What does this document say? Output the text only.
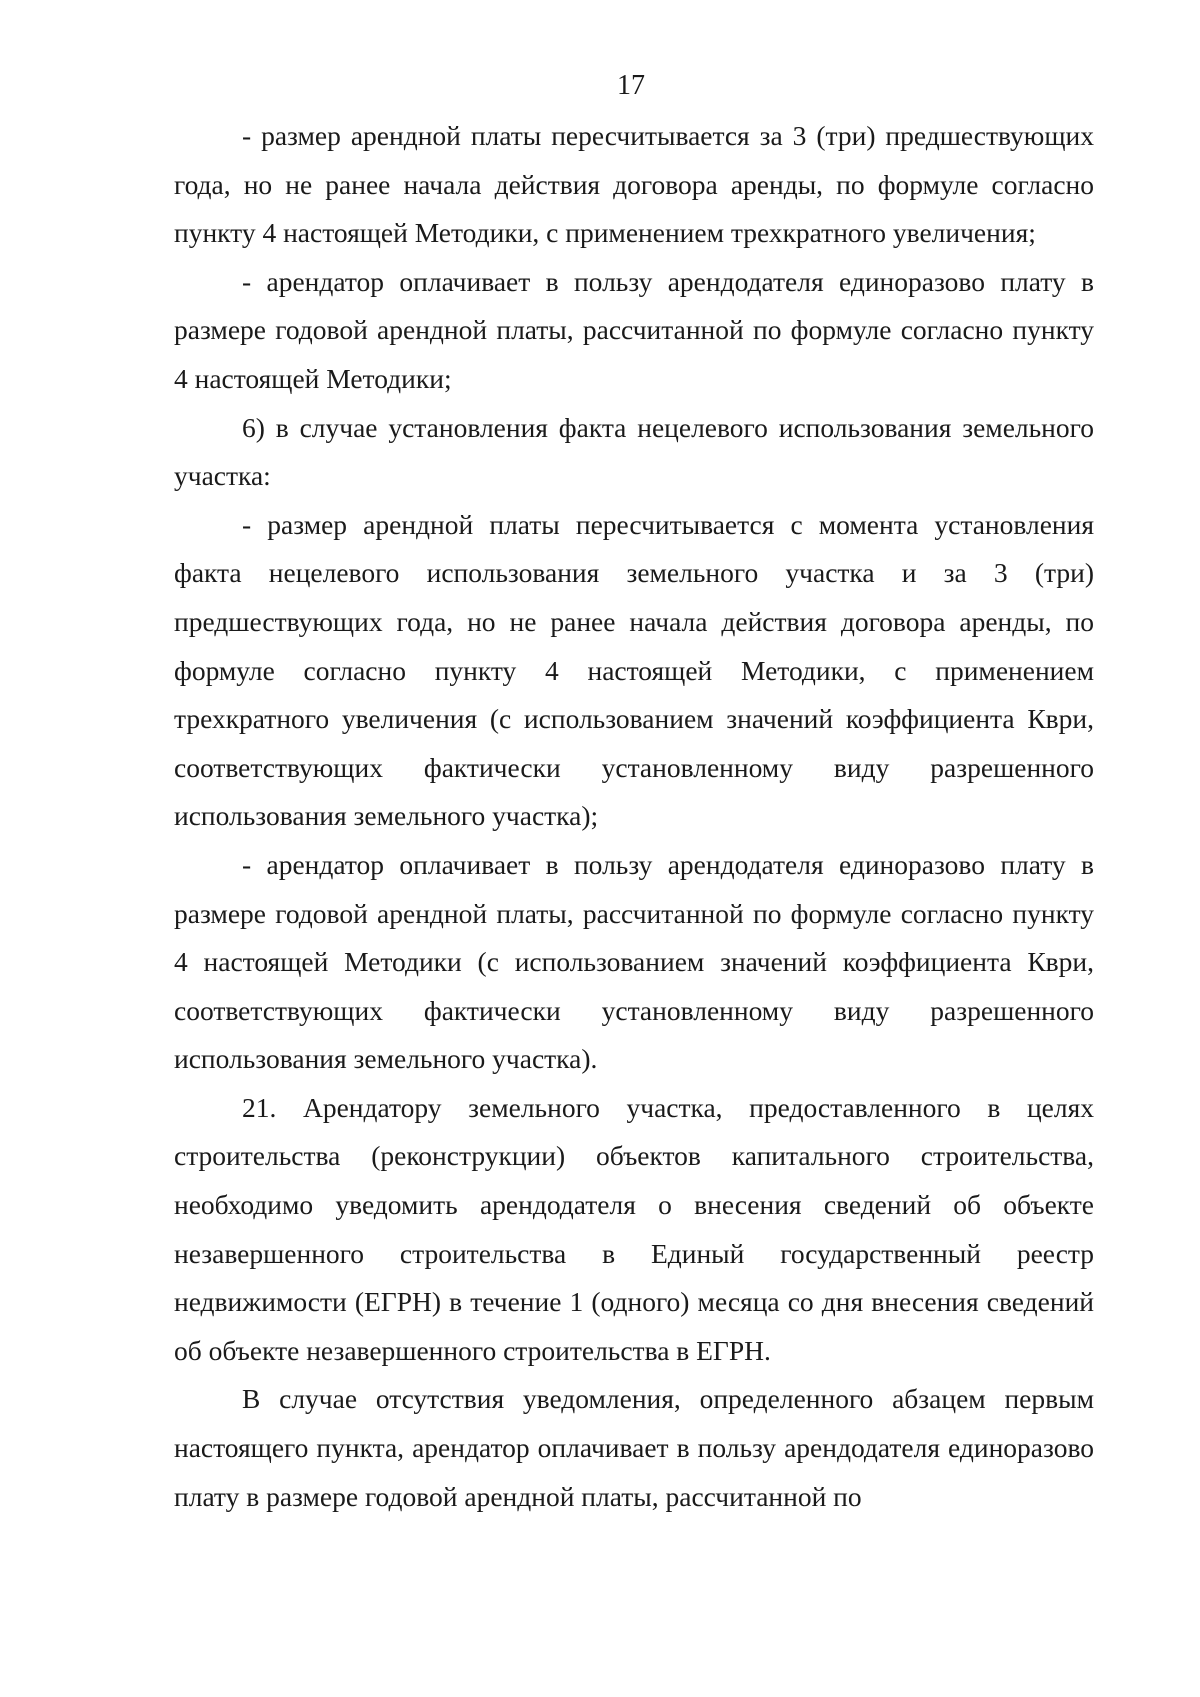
17

- размер арендной платы пересчитывается за 3 (три) предшествующих года, но не ранее начала действия договора аренды, по формуле согласно пункту 4 настоящей Методики, с применением трехкратного увеличения;

- арендатор оплачивает в пользу арендодателя единоразово плату в размере годовой арендной платы, рассчитанной по формуле согласно пункту 4 настоящей Методики;

6) в случае установления факта нецелевого использования земельного участка:

- размер арендной платы пересчитывается с момента установления факта нецелевого использования земельного участка и за 3 (три) предшествующих года, но не ранее начала действия договора аренды, по формуле согласно пункту 4 настоящей Методики, с применением трехкратного увеличения (с использованием значений коэффициента Кври, соответствующих фактически установленному виду разрешенного использования земельного участка);

- арендатор оплачивает в пользу арендодателя единоразово плату в размере годовой арендной платы, рассчитанной по формуле согласно пункту 4 настоящей Методики (с использованием значений коэффициента Кври, соответствующих фактически установленному виду разрешенного использования земельного участка).

21. Арендатору земельного участка, предоставленного в целях строительства (реконструкции) объектов капитального строительства, необходимо уведомить арендодателя о внесения сведений об объекте незавершенного строительства в Единый государственный реестр недвижимости (ЕГРН) в течение 1 (одного) месяца со дня внесения сведений об объекте незавершенного строительства в ЕГРН.

В случае отсутствия уведомления, определенного абзацем первым настоящего пункта, арендатор оплачивает в пользу арендодателя единоразово плату в размере годовой арендной платы, рассчитанной по
